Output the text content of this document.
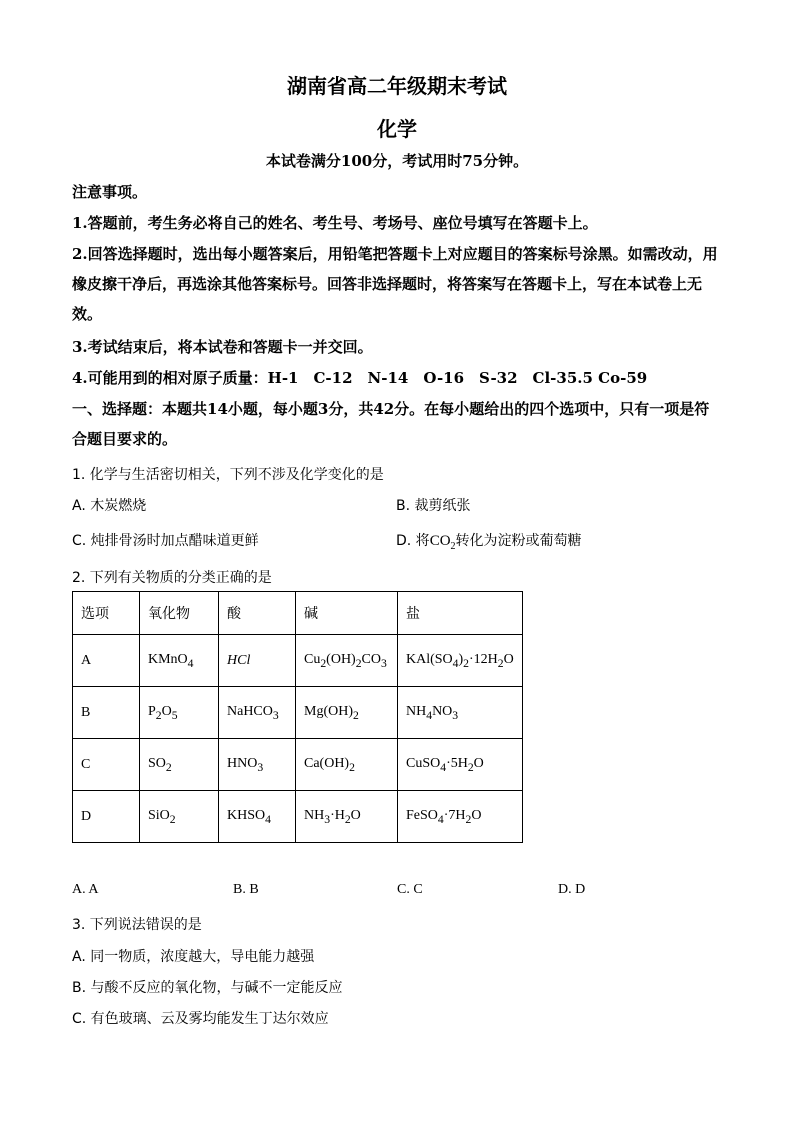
湖南省高二年级期末考试
化学
本试卷满分100分，考试用时75分钟。
注意事项。
1.答题前，考生务必将自己的姓名、考生号、考场号、座位号填写在答题卡上。
2.回答选择题时，选出每小题答案后，用铅笔把答题卡上对应题目的答案标号涂黑。如需改动，用橡皮擦干净后，再选涂其他答案标号。回答非选择题时，将答案写在答题卡上，写在本试卷上无效。
3.考试结束后，将本试卷和答题卡一并交回。
4.可能用到的相对原子质量：H-1　C-12　N-14　O-16　S-32　Cl-35.5 Co-59
一、选择题：本题共14小题，每小题3分，共42分。在每小题给出的四个选项中，只有一项是符合题目要求的。
1. 化学与生活密切相关，下列不涉及化学变化的是
A. 木炭燃烧	B. 裁剪纸张
C. 炖排骨汤时加点醋味道更鲜	D. 将$CO_2$转化为淀粉或葡萄糖
2. 下列有关物质的分类正确的是
选项	氧化物	酸	碱	盐
A	KMnO$_4$	HCl	$Cu_2(OH)_2CO_3$	$KAl(SO_4)_2\cdot 12H_2O$
B	$P_2O_5$	NaHCO$_3$	$Mg(OH)_2$	$NH_4NO_3$
C	$SO_2$	$HNO_3$	$Ca(OH)_2$	$CuSO_4\cdot 5H_2O$
D	SiO$_2$	$KHSO_4$	$NH_3\cdot H_2O$	$FeSO_4\cdot 7H_2O$
A. A	B. B	C. C	D. D
3. 下列说法错误的是
A. 同一物质，浓度越大，导电能力越强
B. 与酸不反应的氧化物，与碱不一定能反应
C. 有色玻璃、云及雾均能发生丁达尔效应
